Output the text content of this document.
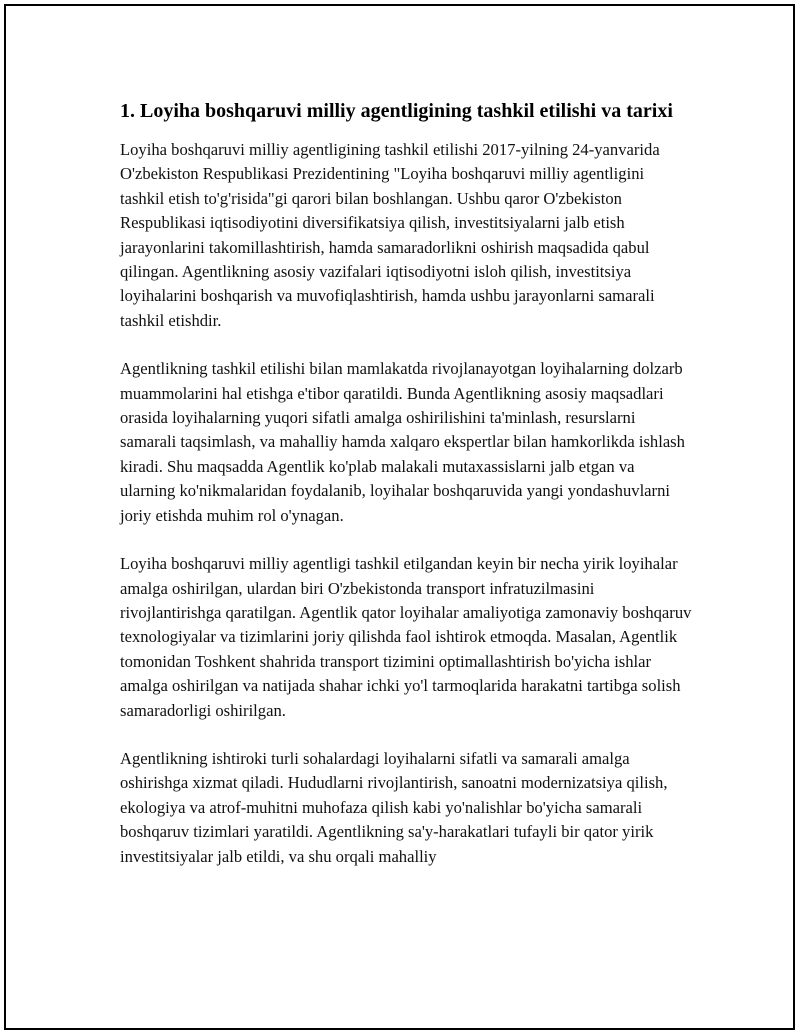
1. Loyiha boshqaruvi milliy agentligining tashkil etilishi va tarixi

Loyiha boshqaruvi milliy agentligining tashkil etilishi 2017-yilning 24-yanvarida O'zbekiston Respublikasi Prezidentining "Loyiha boshqaruvi milliy agentligini tashkil etish to'g'risida"gi qarori bilan boshlangan. Ushbu qaror O'zbekiston Respublikasi iqtisodiyotini diversifikatsiya qilish, investitsiyalarni jalb etish jarayonlarini takomillashtirish, hamda samaradorlikni oshirish maqsadida qabul qilingan. Agentlikning asosiy vazifalari iqtisodiyotni isloh qilish, investitsiya loyihalarini boshqarish va muvofiqlashtirish, hamda ushbu jarayonlarni samarali tashkil etishdir.

Agentlikning tashkil etilishi bilan mamlakatda rivojlanayotgan loyihalarning dolzarb muammolarini hal etishga e'tibor qaratildi. Bunda Agentlikning asosiy maqsadlari orasida loyihalarning yuqori sifatli amalga oshirilishini ta'minlash, resurslarni samarali taqsimlash, va mahalliy hamda xalqaro ekspertlar bilan hamkorlikda ishlash kiradi. Shu maqsadda Agentlik ko'plab malakali mutaxassislarni jalb etgan va ularning ko'nikmalaridan foydalanib, loyihalar boshqaruvida yangi yondashuvlarni joriy etishda muhim rol o'ynagan.

Loyiha boshqaruvi milliy agentligi tashkil etilgandan keyin bir necha yirik loyihalar amalga oshirilgan, ulardan biri O'zbekistonda transport infratuzilmasini rivojlantirishga qaratilgan. Agentlik qator loyihalar amaliyotiga zamonaviy boshqaruv texnologiyalar va tizimlarini joriy qilishda faol ishtirok etmoqda. Masalan, Agentlik tomonidan Toshkent shahrida transport tizimini optimallashtirish bo'yicha ishlar amalga oshirilgan va natijada shahar ichki yo'l tarmoqlarida harakatni tartibga solish samaradorligi oshirilgan.

Agentlikning ishtiroki turli sohalardagi loyihalarni sifatli va samarali amalga oshirishga xizmat qiladi. Hududlarni rivojlantirish, sanoatni modernizatsiya qilish, ekologiya va atrof-muhitni muhofaza qilish kabi yo'nalishlar bo'yicha samarali boshqaruv tizimlari yaratildi. Agentlikning sa'y-harakatlari tufayli bir qator yirik investitsiyalar jalb etildi, va shu orqali mahalliy
